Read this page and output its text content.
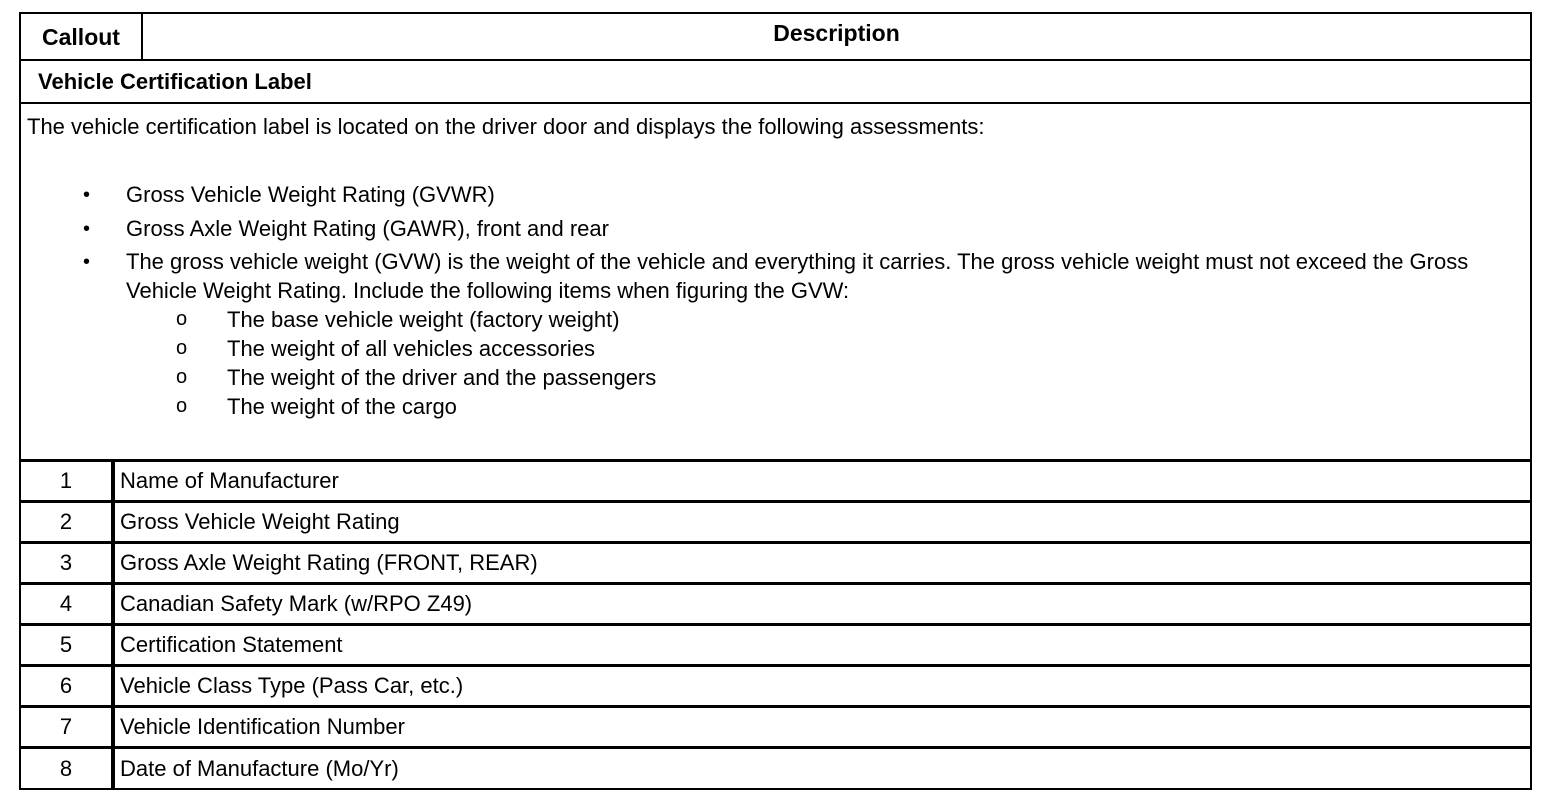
Callout	Description
Vehicle Certification Label

The vehicle certification label is located on the driver door and displays the following assessments:

• Gross Vehicle Weight Rating (GVWR)
• Gross Axle Weight Rating (GAWR), front and rear
• The gross vehicle weight (GVW) is the weight of the vehicle and everything it carries. The gross vehicle weight must not exceed the Gross Vehicle Weight Rating. Include the following items when figuring the GVW:
o The base vehicle weight (factory weight)
o The weight of all vehicles accessories
o The weight of the driver and the passengers
o The weight of the cargo
1	Name of Manufacturer
2	Gross Vehicle Weight Rating
3	Gross Axle Weight Rating (FRONT, REAR)
4	Canadian Safety Mark (w/RPO Z49)
5	Certification Statement
6	Vehicle Class Type (Pass Car, etc.)
7	Vehicle Identification Number
8	Date of Manufacture (Mo/Yr)
